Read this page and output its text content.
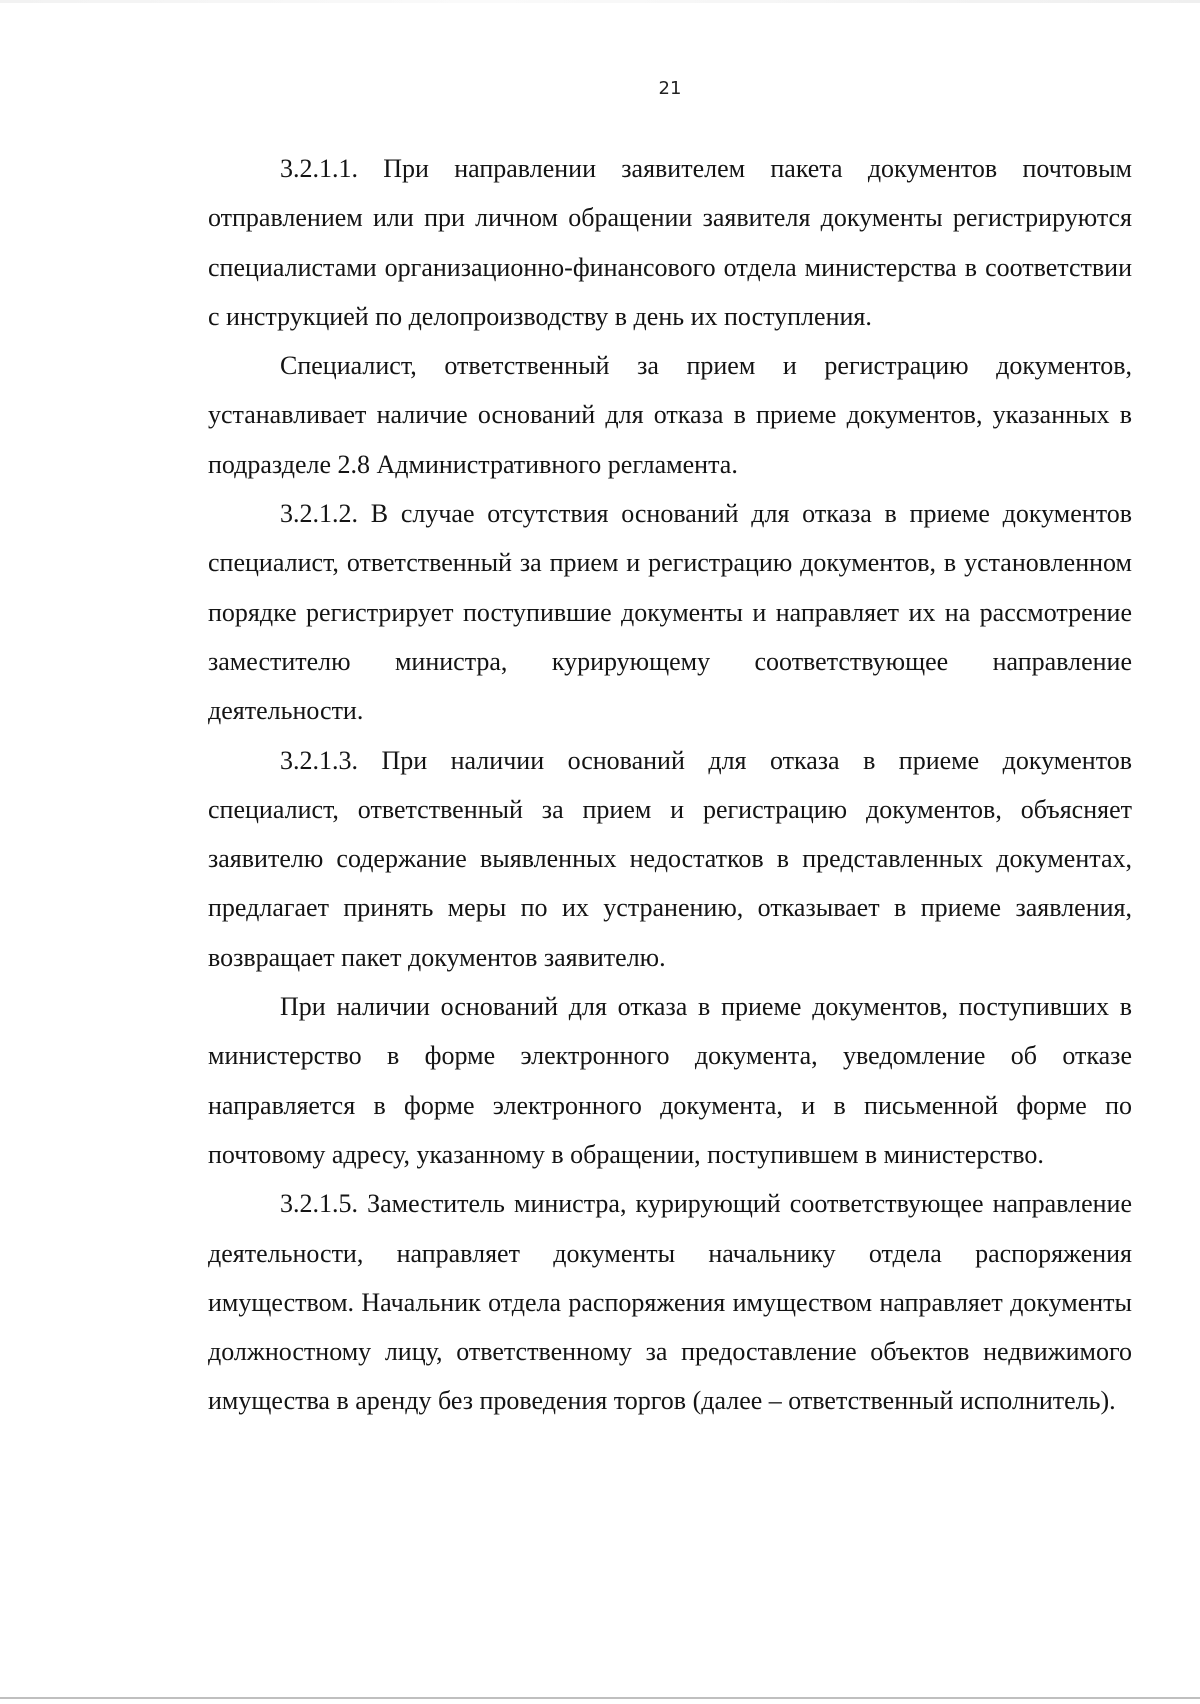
21

3.2.1.1. При направлении заявителем пакета документов почтовым отправлением или при личном обращении заявителя документы регистрируются специалистами организационно-финансового отдела министерства в соответствии с инструкцией по делопроизводству в день их поступления.

Специалист, ответственный за прием и регистрацию документов, устанавливает наличие оснований для отказа в приеме документов, указанных в подразделе 2.8 Административного регламента.

3.2.1.2. В случае отсутствия оснований для отказа в приеме документов специалист, ответственный за прием и регистрацию документов, в установленном порядке регистрирует поступившие документы и направляет их на рассмотрение заместителю министра, курирующему соответствующее направление деятельности.

3.2.1.3. При наличии оснований для отказа в приеме документов специалист, ответственный за прием и регистрацию документов, объясняет заявителю содержание выявленных недостатков в представленных документах, предлагает принять меры по их устранению, отказывает в приеме заявления, возвращает пакет документов заявителю.

При наличии оснований для отказа в приеме документов, поступивших в министерство в форме электронного документа, уведомление об отказе направляется в форме электронного документа, и в письменной форме по почтовому адресу, указанному в обращении, поступившем в министерство.

3.2.1.5. Заместитель министра, курирующий соответствующее направление деятельности, направляет документы начальнику отдела распоряжения имуществом. Начальник отдела распоряжения имуществом направляет документы должностному лицу, ответственному за предоставление объектов недвижимого имущества в аренду без проведения торгов (далее – ответственный исполнитель).
